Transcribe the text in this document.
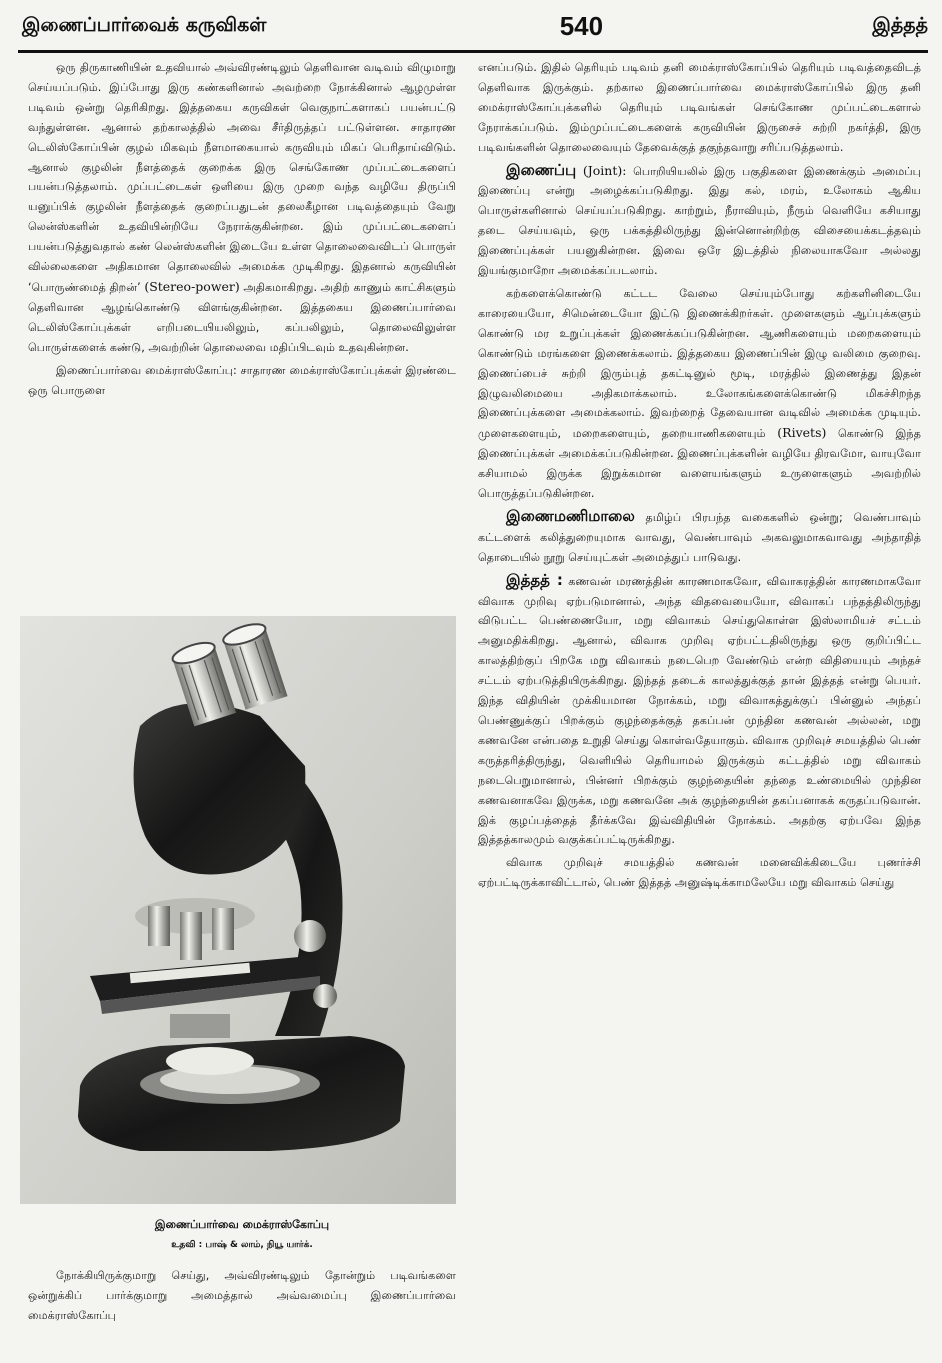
இணைப்பார்வைக் கருவிகள்	540	இத்தத்

ஒரு திருகாணியின் உதவியால் அவ்விரண்டிலும் தெளிவான வடிவம் விழுமாறு செய்யப்படும். இப்போது இரு கண்களினால் அவற்றை நோக்கினால் ஆழமுள்ள படிவம் ஒன்று தெரிகிறது. இத்தகைய கருவிகள் வெகுநாட்களாகப் பயன்பட்டு வந்துள்ளன. ஆனால் தற்காலத்தில் அவை சீர்திருத்தப் பட்டுள்ளன. சாதாரண டெலிஸ்கோப்பின் குழல் மிகவும் நீளமாகையால் கருவியும் மிகப் பெரிதாய்விடும். ஆனால் குழலின் நீளத்தைக் குறைக்க இரு செங்கோண முப்பட்டைகளைப் பயன்படுத்தலாம். முப்பட்டைகள் ஒளியை இரு முறை வந்த வழியே திருப்பி யனுப்பிக் குழலின் நீளத்தைக் குறைப்பதுடன் தலைகீழான படிவத்தையும் வேறு லென்ஸ்களின் உதவியின்றியே நேராக்குகின்றன. இம் முப்பட்டைகளைப் பயன்படுத்துவதால் கண் லென்ஸ்களின் இடையே உள்ள தொலைவைவிடப் பொருள் வில்லைகளை அதிகமான தொலைவில் அமைக்க முடிகிறது. இதனால் கருவியின் ‘பொருண்மைத் திறன்’ (Stereo-power) அதிகமாகிறது. அதிற் காணும் காட்சிகளும் தெளிவான ஆழங்கொண்டு விளங்குகின்றன. இத்தகைய இணைப்பார்வை டெலிஸ்கோப்புக்கள் எறிபடையியலிலும், கப்பலிலும், தொலைவிலுள்ள பொருள்களைக் கண்டு, அவற்றின் தொலைவை மதிப்பிடவும் உதவுகின்றன.

இணைப்பார்வை மைக்ராஸ்கோப்பு: சாதாரண மைக்ராஸ்கோப்புக்கள் இரண்டை ஒரு பொருளை

இணைப்பார்வை மைக்ராஸ்கோப்பு
உதவி : பாஷ் & லாம், நியூ யார்க்.

நோக்கியிருக்குமாறு செய்து, அவ்விரண்டிலும் தோன்றும் படிவங்களை ஒன்றுக்கிப் பார்க்குமாறு அமைத்தால் அவ்வமைப்பு இணைப்பார்வை மைக்ராஸ்கோப்பு

எனப்படும். இதில் தெரியும் படிவம் தனி மைக்ராஸ்கோப்பில் தெரியும் படிவத்தைவிடத் தெளிவாக இருக்கும். தற்கால இணைப்பார்வை மைக்ராஸ்கோப்பில் இரு தனி மைக்ராஸ்கோப்புக்களில் தெரியும் படிவங்கள் செங்கோண முப்பட்டைகளால் நேராக்கப்படும். இம்முப்பட்டைகளைக் கருவியின் இருசைச் சுற்றி நகர்த்தி, இரு படிவங்களின் தொலைவையும் தேவைக்குத் தகுந்தவாறு சரிப்படுத்தலாம்.

இணைப்பு (Joint): பொறியியலில் இரு பகுதிகளை இணைக்கும் அமைப்பு இணைப்பு என்று அழைக்கப்படுகிறது. இது கல், மரம், உலோகம் ஆகிய பொருள்களினால் செய்யப்படுகிறது. காற்றும், நீராவியும், நீரும் வெளியே கசியாது தடை செய்யவும், ஒரு பக்கத்திலிருந்து இன்னொன்றிற்கு விசையைக்கடத்தவும் இணைப்புக்கள் பயனுகின்றன. இவை ஒரே இடத்தில் நிலையாகவோ அல்லது இயங்குமாறோ அமைக்கப்படலாம்.

கற்களைக்கொண்டு கட்டட வேலை செய்யும்போது கற்களினிடையே காரையையோ, சிமென்டையோ இட்டு இணைக்கிறர்கள். முளைகளும் ஆப்புக்களும் கொண்டு மர உறுப்புக்கள் இணைக்கப்படுகின்றன. ஆணிகளையும் மறைகளையும் கொண்டும் மரங்களை இணைக்கலாம். இத்தகைய இணைப்பின் இழு வலிமை குறைவு. இணைப்பைச் சுற்றி இரும்புத் தகட்டினுல் மூடி, மரத்தில் இணைத்து இதன் இழுவலிமையை அதிகமாக்கலாம். உலோகங்களைக்கொண்டு மிகச்சிறந்த இணைப்புக்களை அமைக்கலாம். இவற்றைத் தேவையான வடிவில் அமைக்க முடியும். முளைகளையும், மறைகளையும், தறையாணிகளையும் (Rivets) கொண்டு இந்த இணைப்புக்கள் அமைக்கப்படுகின்றன. இணைப்புக்களின் வழியே திரவமோ, வாயுவோ கசியாமல் இருக்க இறுக்கமான வளையங்களும் உருளைகளும் அவற்றில் பொருத்தப்படுகின்றன.

இணைமணிமாலை தமிழ்ப் பிரபந்த வகைகளில் ஒன்று; வெண்பாவும் கட்டளைக் கலித்துறையுமாக வாவது, வெண்பாவும் அகவலுமாகவாவது அந்தாதித் தொடையில் நூறு செய்யுட்கள் அமைத்துப் பாடுவது.

இத்தத் : கணவன் மரணத்தின் காரணமாகவோ, விவாகரத்தின் காரணமாகவோ விவாக முறிவு ஏற்படுமானால், அந்த விதவையையோ, விவாகப் பந்தத்திலிருந்து விடுபட்ட பெண்ணையோ, மறு விவாகம் செய்துகொள்ள இஸ்லாமியச் சட்டம் அனுமதிக்கிறது. ஆனால், விவாக முறிவு ஏற்பட்டதிலிருந்து ஒரு குறிப்பிட்ட காலத்திற்குப் பிறகே மறு விவாகம் நடைபெற வேண்டும் என்ற விதியையும் அந்தச் சட்டம் ஏற்படுத்தியிருக்கிறது. இந்தத் தடைக் காலத்துக்குத் தான் இத்தத் என்று பெயர். இந்த விதியின் முக்கியமான நோக்கம், மறு விவாகத்துக்குப் பின்னுல் அந்தப் பெண்ணுக்குப் பிறக்கும் குழந்தைக்குத் தகப்பன் முந்தின கணவன் அல்லன், மறு கணவனே என்பதை உறுதி செய்து கொள்வதேயாகும். விவாக முறிவுச் சமயத்தில் பெண் கருத்தரித்திருந்து, வெளியில் தெரியாமல் இருக்கும் கட்டத்தில் மறு விவாகம் நடைபெறுமானால், பின்னர் பிறக்கும் குழந்தையின் தந்தை உண்மையில் முந்தின கணவனாகவே இருக்க, மறு கணவனே அக் குழந்தையின் தகப்பனாகக் கருதப்படுவான். இக் குழப்பத்தைத் தீர்க்கவே இவ்விதியின் நோக்கம். அதற்கு ஏற்பவே இந்த இத்தத்காலமும் வகுக்கப்பட்டிருக்கிறது.

விவாக முறிவுச் சமயத்தில் கணவன் மனைவிக்கிடையே புணர்ச்சி ஏற்பட்டிருக்காவிட்டால், பெண் இத்தத் அனுஷ்டிக்காமலேயே மறு விவாகம் செய்து
